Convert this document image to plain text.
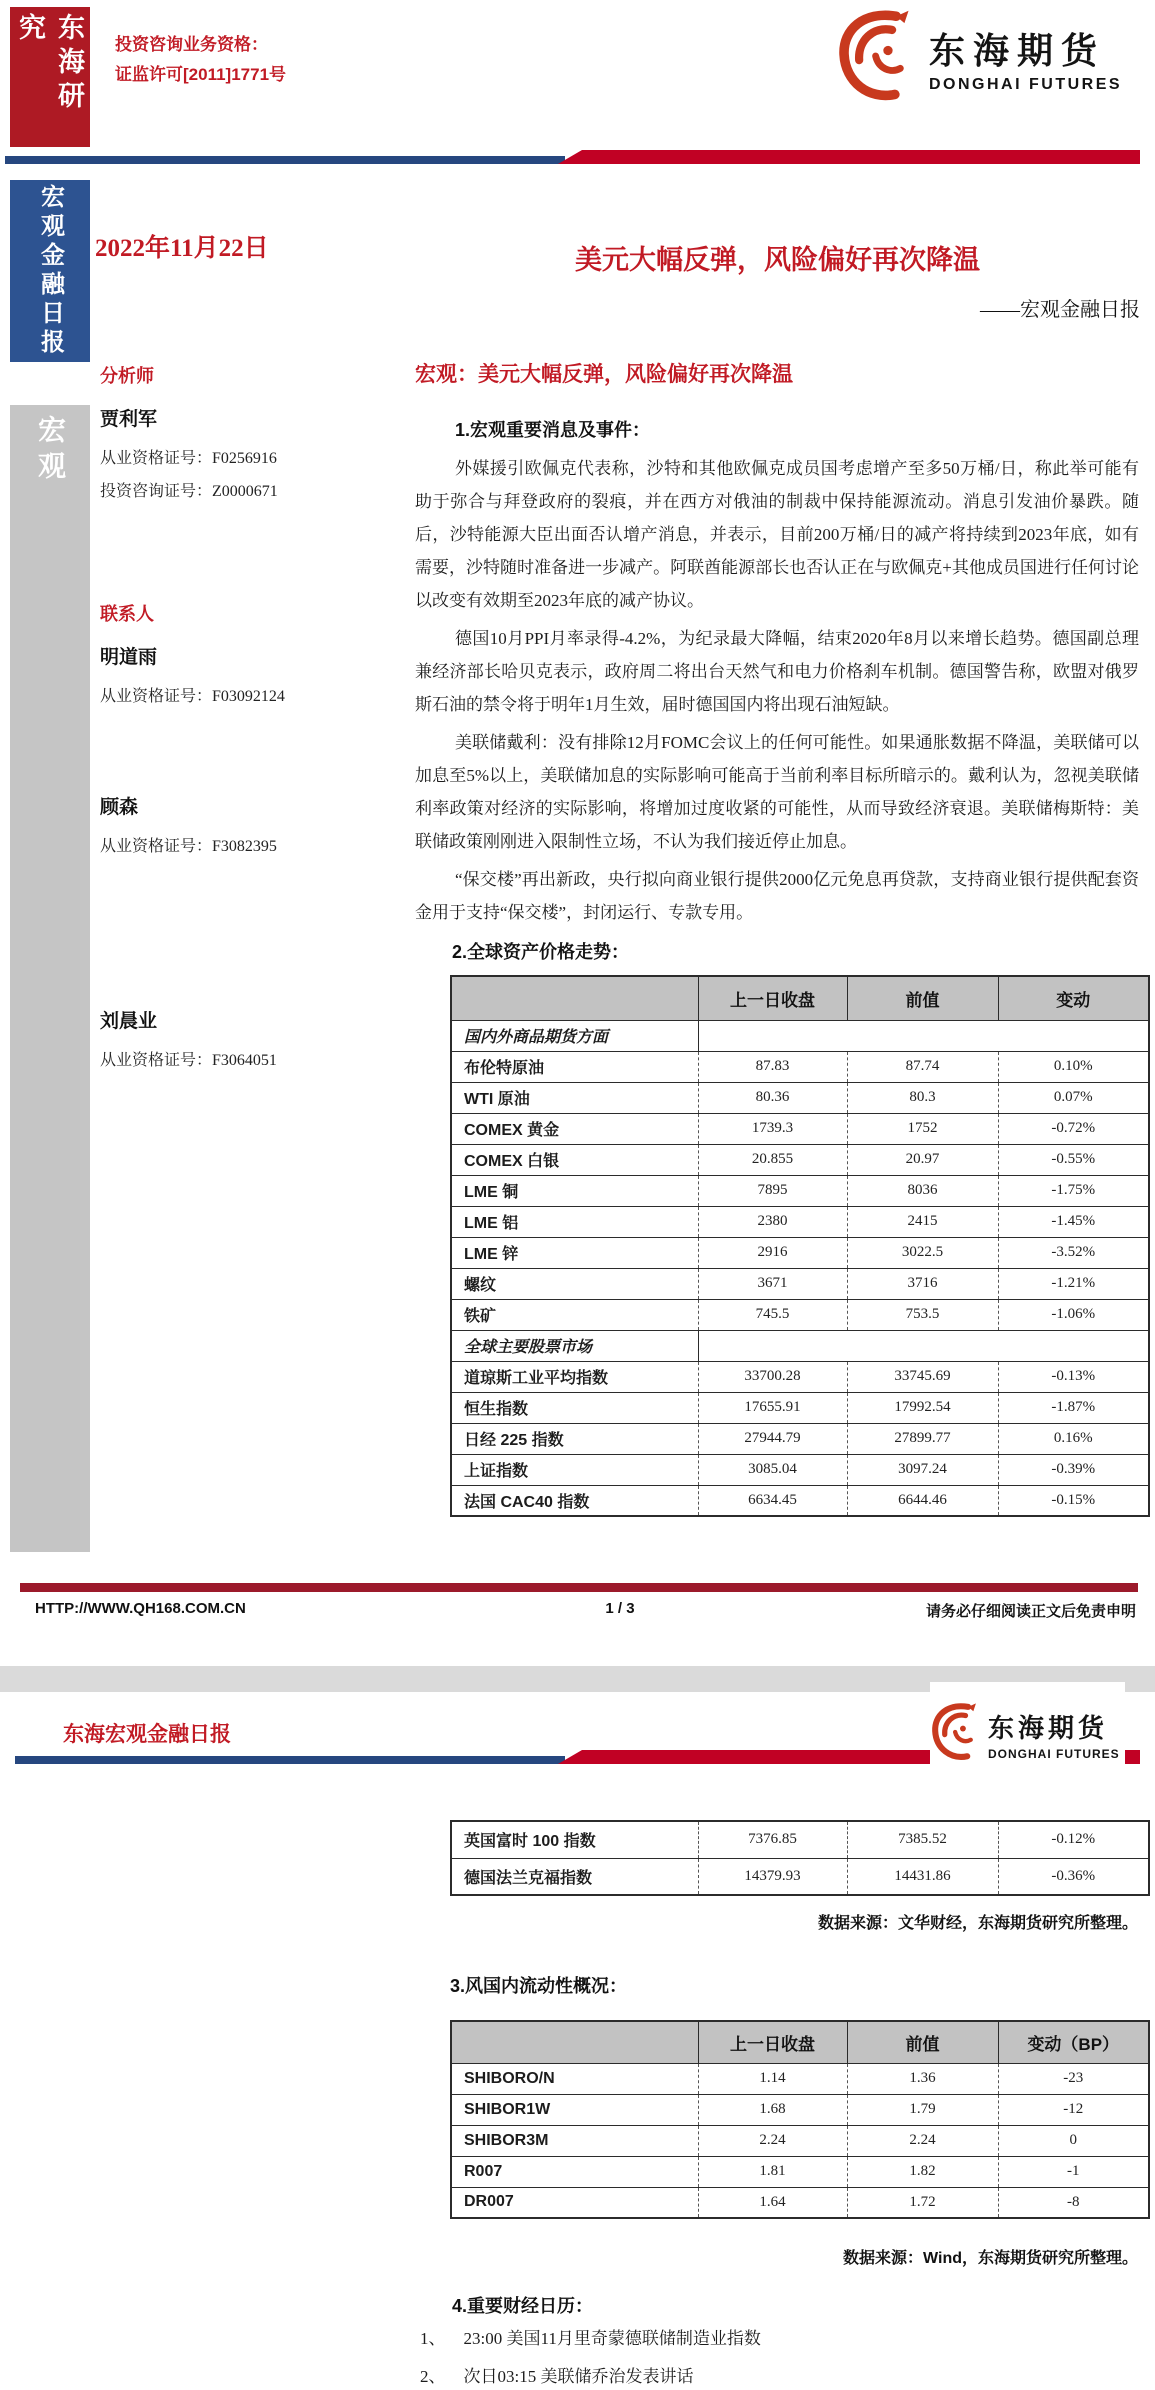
东海研究	投资咨询业务资格：
证监许可[2011]1771号
东海期货
DONGHAI FUTURES
宏观金融日报
宏观
2022年11月22日	美元大幅反弹，风险偏好再次降温
——宏观金融日报
分析师
贾利军
从业资格证号：F0256916
投资咨询证号：Z0000671
联系人
明道雨
从业资格证号：F03092124
顾森
从业资格证号：F3082395
刘晨业
从业资格证号：F3064051
宏观：美元大幅反弹，风险偏好再次降温
1.宏观重要消息及事件：

外媒援引欧佩克代表称，沙特和其他欧佩克成员国考虑增产至多50万桶/日，称此举可能有助于弥合与拜登政府的裂痕，并在西方对俄油的制裁中保持能源流动。消息引发油价暴跌。随后，沙特能源大臣出面否认增产消息，并表示，目前200万桶/日的减产将持续到2023年底，如有需要，沙特随时准备进一步减产。阿联酋能源部长也否认正在与欧佩克+其他成员国进行任何讨论以改变有效期至2023年底的减产协议。

德国10月PPI月率录得-4.2%，为纪录最大降幅，结束2020年8月以来增长趋势。德国副总理兼经济部长哈贝克表示，政府周二将出台天然气和电力价格刹车机制。德国警告称，欧盟对俄罗斯石油的禁令将于明年1月生效，届时德国国内将出现石油短缺。

美联储戴利：没有排除12月FOMC会议上的任何可能性。如果通胀数据不降温，美联储可以加息至5%以上，美联储加息的实际影响可能高于当前利率目标所暗示的。戴利认为，忽视美联储利率政策对经济的实际影响，将增加过度收紧的可能性，从而导致经济衰退。美联储梅斯特：美联储政策刚刚进入限制性立场，不认为我们接近停止加息。

“保交楼”再出新政，央行拟向商业银行提供2000亿元免息再贷款，支持商业银行提供配套资金用于支持“保交楼”，封闭运行、专款专用。

2.全球资产价格走势：
	上一日收盘	前值	变动
国内外商品期货方面			
布伦特原油	87.83	87.74	0.10%
WTI 原油	80.36	80.3	0.07%
COMEX 黄金	1739.3	1752	-0.72%
COMEX 白银	20.855	20.97	-0.55%
LME 铜	7895	8036	-1.75%
LME 铝	2380	2415	-1.45%
LME 锌	2916	3022.5	-3.52%
螺纹	3671	3716	-1.21%
铁矿	745.5	753.5	-1.06%
全球主要股票市场			
道琼斯工业平均指数	33700.28	33745.69	-0.13%
恒生指数	17655.91	17992.54	-1.87%
日经 225 指数	27944.79	27899.77	0.16%
上证指数	3085.04	3097.24	-0.39%
法国 CAC40 指数	6634.45	6644.46	-0.15%
HTTP://WWW.QH168.COM.CN	1 / 3	请务必仔细阅读正文后免责申明
东海宏观金融日报	东海期货
DONGHAI FUTURES
英国富时 100 指数	7376.85	7385.52	-0.12%
德国法兰克福指数	14379.93	14431.86	-0.36%
数据来源：文华财经，东海期货研究所整理。
3.风国内流动性概况：
	上一日收盘	前值	变动（BP）
SHIBORO/N	1.14	1.36	-23
SHIBOR1W	1.68	1.79	-12
SHIBOR3M	2.24	2.24	0
R007	1.81	1.82	-1
DR007	1.64	1.72	-8
数据来源：Wind，东海期货研究所整理。
4.重要财经日历：
1、 23:00 美国11月里奇蒙德联储制造业指数
2、 次日03:15 美联储乔治发表讲话
